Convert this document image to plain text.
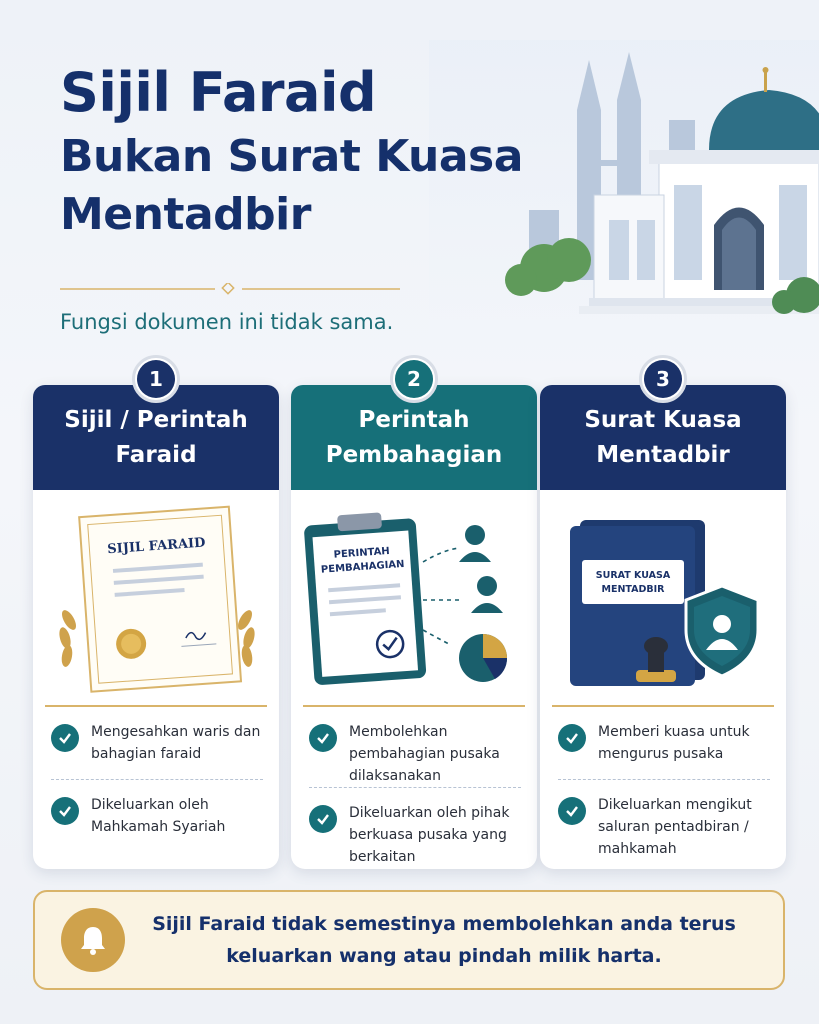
Sijil Faraid
Bukan Surat Kuasa
Mentadbir
Fungsi dokumen ini tidak sama.
1
Sijil / Perintah Faraid
SIJIL FARAID
Mengesahkan waris dan bahagian faraid
Dikeluarkan oleh Mahkamah Syariah
2
Perintah Pembahagian
PERINTAH
PEMBAHAGIAN
Membolehkan pembahagian pusaka dilaksanakan
Dikeluarkan oleh pihak berkuasa pusaka yang berkaitan
3
Surat Kuasa Mentadbir
SURAT KUASA
MENTADBIR
Memberi kuasa untuk mengurus pusaka
Dikeluarkan mengikut saluran pentadbiran / mahkamah
Sijil Faraid tidak semestinya membolehkan anda terus keluarkan wang atau pindah milik harta.
